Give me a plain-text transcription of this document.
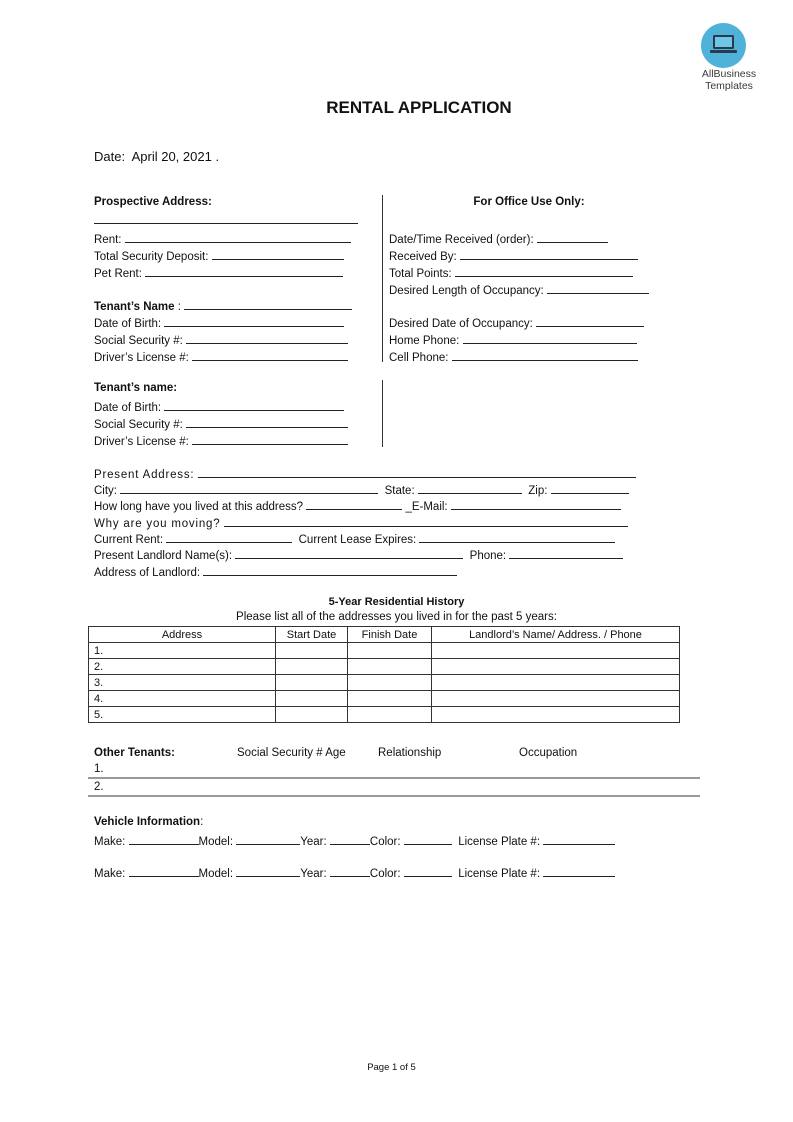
AllBusiness
Templates
RENTAL APPLICATION
Date: April 20, 2021 .
Prospective Address:
Rent:
Total Security Deposit:
Pet Rent:
Tenant’s Name :
Date of Birth:
Social Security #:
Driver’s License #:
Tenant’s name:
Date of Birth:
Social Security #:
Driver’s License #:
For Office Use Only:
Date/Time Received (order):
Received By:
Total Points:
Desired Length of Occupancy:
Desired Date of Occupancy:
Home Phone:
Cell Phone:
Present Address:
City:	State:	Zip:
How long have you lived at this address?	_E-Mail:
Why are you moving?
Current Rent:	Current Lease Expires:
Present Landlord Name(s):	Phone:
Address of Landlord:
5-Year Residential History
Please list all of the addresses you lived in for the past 5 years:
Address	Start Date	Finish Date	Landlord’s Name/ Address. / Phone
1.			
2.			
3.			
4.			
5.			
Other Tenants:	Social Security # Age	Relationship	Occupation
1.
2.
Vehicle Information:
Make:	Model:	Year:	Color:	License Plate #:
Make:	Model:	Year:	Color:	License Plate #:
Page 1 of 5
